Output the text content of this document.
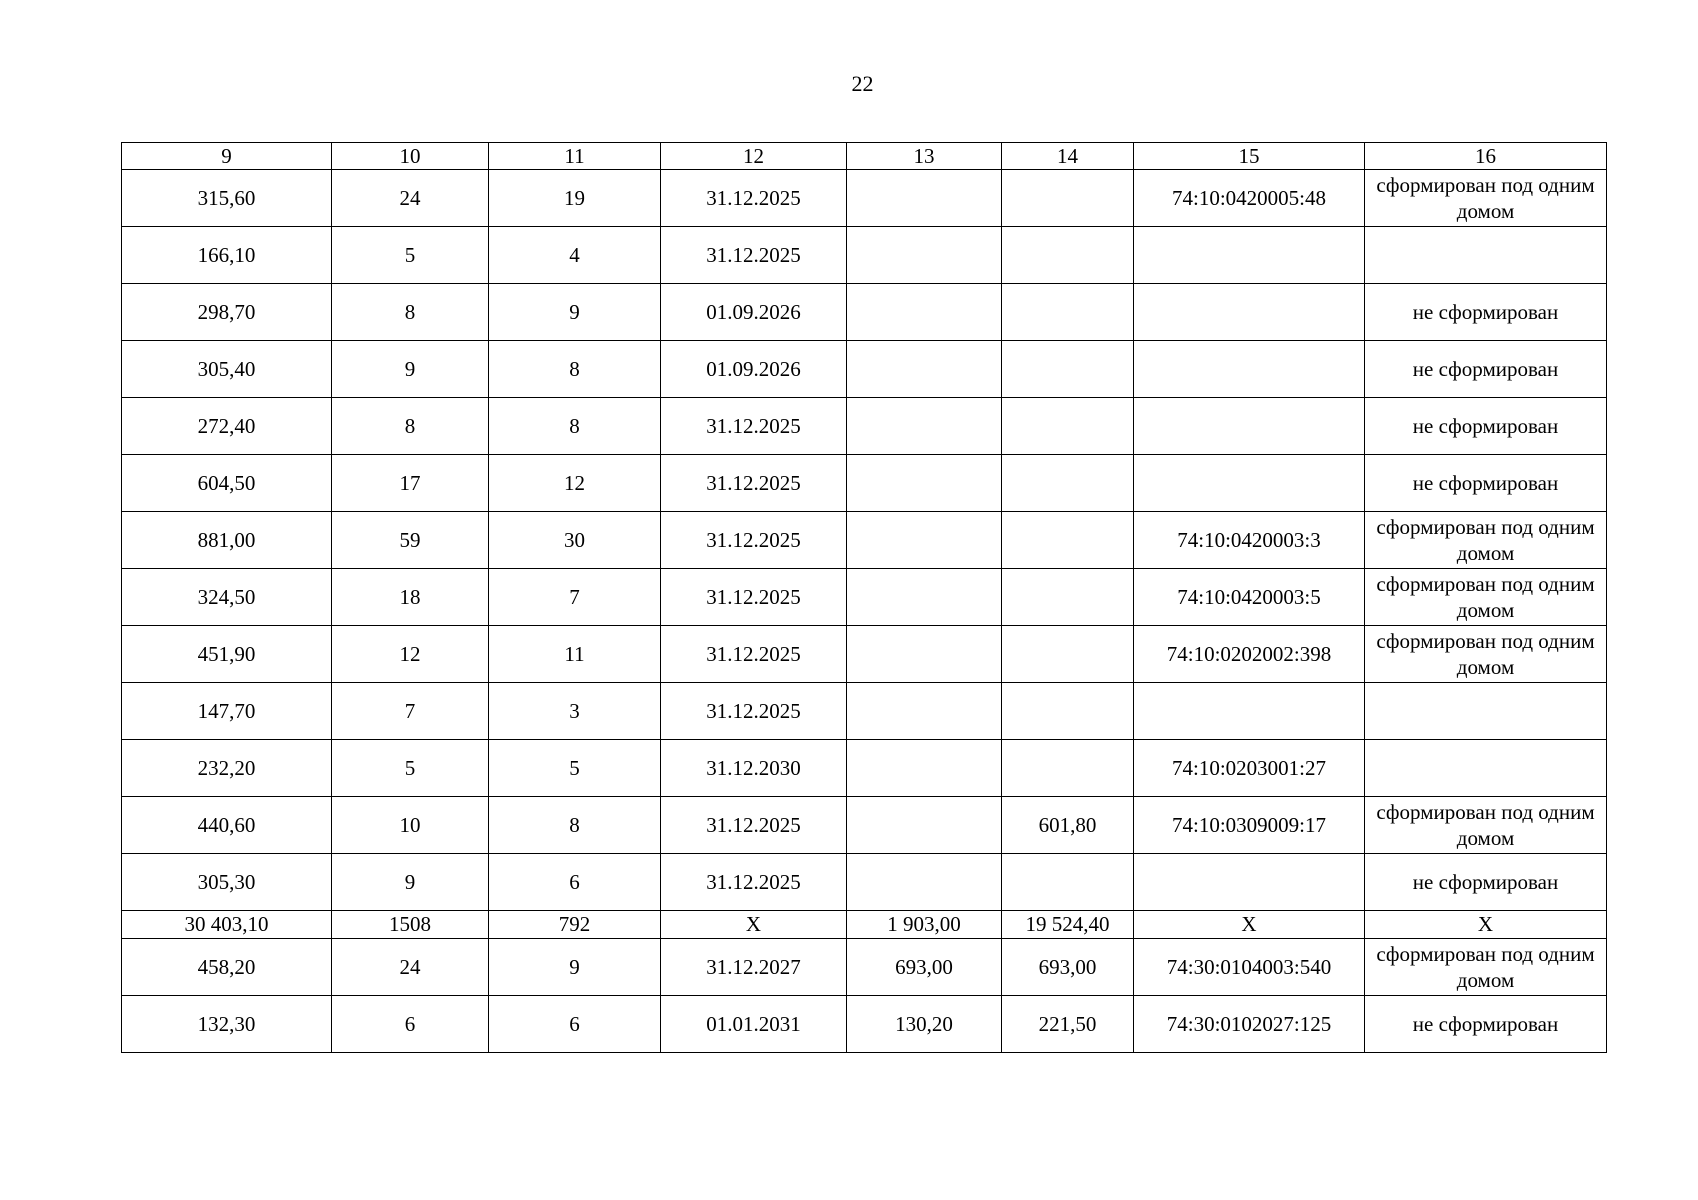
22
9	10	11	12	13	14	15	16
315,60	24	19	31.12.2025			74:10:0420005:48	сформирован под одним домом
166,10	5	4	31.12.2025				
298,70	8	9	01.09.2026				не сформирован
305,40	9	8	01.09.2026				не сформирован
272,40	8	8	31.12.2025				не сформирован
604,50	17	12	31.12.2025				не сформирован
881,00	59	30	31.12.2025			74:10:0420003:3	сформирован под одним домом
324,50	18	7	31.12.2025			74:10:0420003:5	сформирован под одним домом
451,90	12	11	31.12.2025			74:10:0202002:398	сформирован под одним домом
147,70	7	3	31.12.2025				
232,20	5	5	31.12.2030			74:10:0203001:27	
440,60	10	8	31.12.2025		601,80	74:10:0309009:17	сформирован под одним домом
305,30	9	6	31.12.2025				не сформирован
30 403,10	1508	792	X	1 903,00	19 524,40	X	X
458,20	24	9	31.12.2027	693,00	693,00	74:30:0104003:540	сформирован под одним домом
132,30	6	6	01.01.2031	130,20	221,50	74:30:0102027:125	не сформирован
